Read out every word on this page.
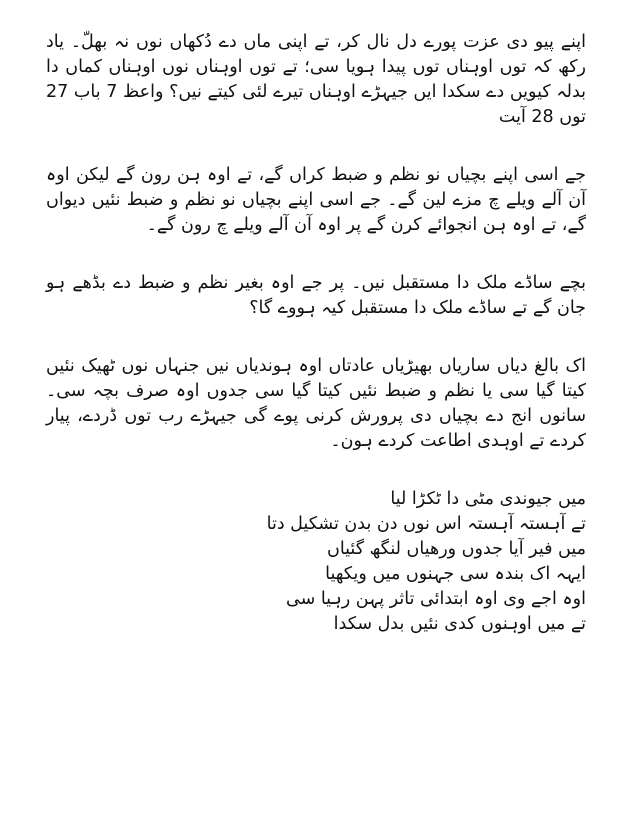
اپنے پیو دی عزت پورے دل نال کر، تے اپنی ماں دے دُکھاں نوں نہ بھلّ۔ یاد رکھ کہ توں اوہناں توں پیدا ہویا سی؛ تے توں اوہناں نوں اوہناں کماں دا بدلہ کیویں دے سکدا ایں جیہڑے اوہناں تیرے لئی کیتے نیں؟ واعظ 7 باب 27 توں 28 آیت

جے اسی اپنے بچیاں نو نظم و ضبط کراں گے، تے اوہ ہن رون گے لیکن اوہ آن آلے ویلے چ مزے لین گے۔ جے اسی اپنے بچیاں نو نظم و ضبط نئیں دیواں گے، تے اوہ ہن انجوائے کرن گے پر اوہ آن آلے ویلے چ رون گے۔

بچے ساڈے ملک دا مستقبل نیں۔ پر جے اوہ بغیر نظم و ضبط دے بڈھے ہو جان گے تے ساڈے ملک دا مستقبل کیہ ہووے گا؟

اک بالغ دیاں ساریاں بھیڑیاں عادتاں اوہ ہوندیاں نیں جنہاں نوں ٹھیک نئیں کیتا گیا سی یا نظم و ضبط نئیں کیتا گیا سی جدوں اوہ صرف بچہ سی۔ سانوں انج دے بچیاں دی پرورش کرنی پوے گی جیہڑے رب توں ڈردے، پیار کردے تے اوہدی اطاعت کردے ہون۔

میں جیوندی مٹی دا ٹکڑا لیا
تے آہستہ آہستہ اس نوں دن بدن تشکیل دتا
میں فیر آیا جدوں ورھیاں لنگھ گئیاں
ایہہ اک بندہ سی جہنوں میں ویکھیا
اوہ اجے وی اوہ ابتدائی تاثر پہن رہیا سی
تے میں اوہنوں کدی نئیں بدل سکدا
